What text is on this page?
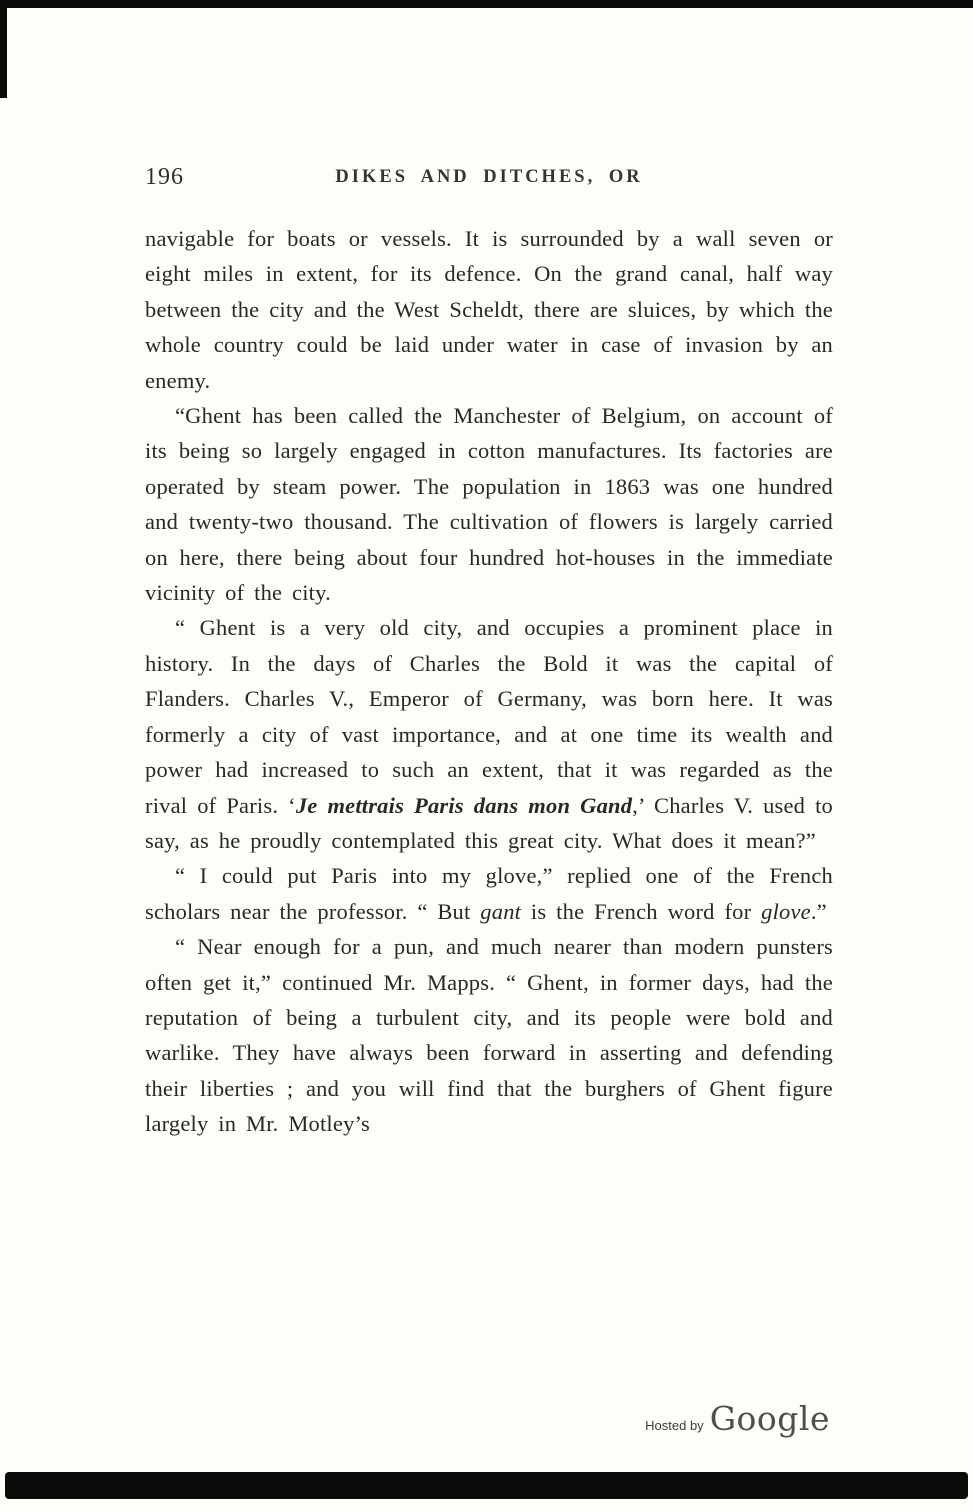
196	DIKES AND DITCHES, OR

navigable for boats or vessels. It is surrounded by a wall seven or eight miles in extent, for its defence. On the grand canal, half way between the city and the West Scheldt, there are sluices, by which the whole country could be laid under water in case of invasion by an enemy.

“Ghent has been called the Manchester of Belgium, on account of its being so largely engaged in cotton manufactures. Its factories are operated by steam power. The population in 1863 was one hundred and twenty-two thousand. The cultivation of flowers is largely carried on here, there being about four hundred hot-houses in the immediate vicinity of the city.

“ Ghent is a very old city, and occupies a prominent place in history. In the days of Charles the Bold it was the capital of Flanders. Charles V., Emperor of Germany, was born here. It was formerly a city of vast importance, and at one time its wealth and power had increased to such an extent, that it was regarded as the rival of Paris. ‘Je mettrais Paris dans mon Gand,’ Charles V. used to say, as he proudly contemplated this great city. What does it mean?”

“ I could put Paris into my glove,” replied one of the French scholars near the professor. “ But gant is the French word for glove.”

“ Near enough for a pun, and much nearer than modern punsters often get it,” continued Mr. Mapps. “ Ghent, in former days, had the reputation of being a turbulent city, and its people were bold and warlike. They have always been forward in asserting and defending their liberties ; and you will find that the burghers of Ghent figure largely in Mr. Motley’s

Hosted by Google
